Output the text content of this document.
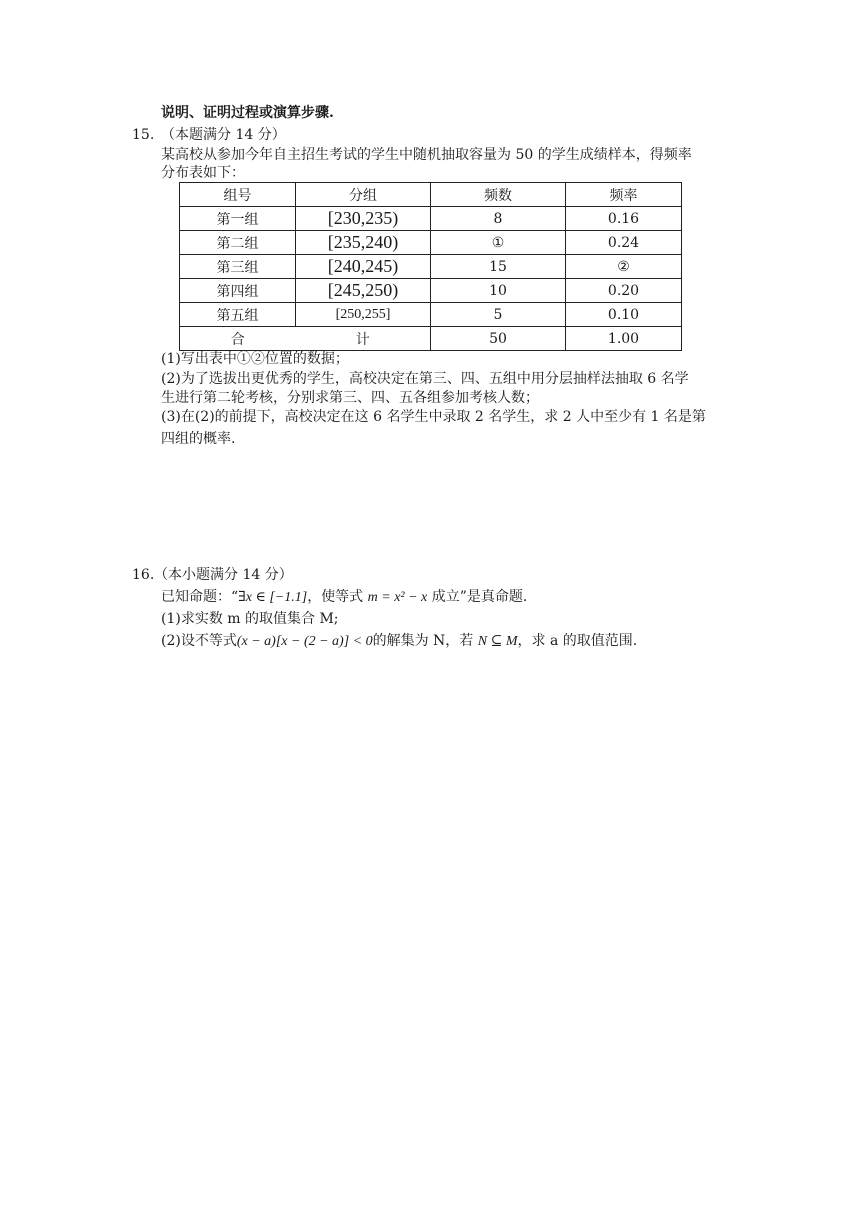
说明、证明过程或演算步骤.
15. （本题满分 14 分）
某高校从参加今年自主招生考试的学生中随机抽取容量为 50 的学生成绩样本，得频率
分布表如下：
组号	分组	频数	频率
第一组	[230,235)	8	0.16
第二组	[235,240)	①	0.24
第三组	[240,245)	15	②
第四组	[245,250)	10	0.20
第五组	[250,255]	5	0.10
合	计	50	1.00
(1)写出表中①②位置的数据；
(2)为了选拔出更优秀的学生，高校决定在第三、四、五组中用分层抽样法抽取 6 名学
生进行第二轮考核，分别求第三、四、五各组参加考核人数；
(3)在(2)的前提下，高校决定在这 6 名学生中录取 2 名学生，求 2 人中至少有 1 名是第
四组的概率.
16. （本小题满分 14 分）
已知命题：“∃x ∈ [−1.1]，使等式 m = x² − x 成立”是真命题.
(1)求实数 m 的取值集合 M;
(2)设不等式(x − a)[x − (2 − a)] < 0的解集为 N，若 N ⊆ M，求 a 的取值范围.
